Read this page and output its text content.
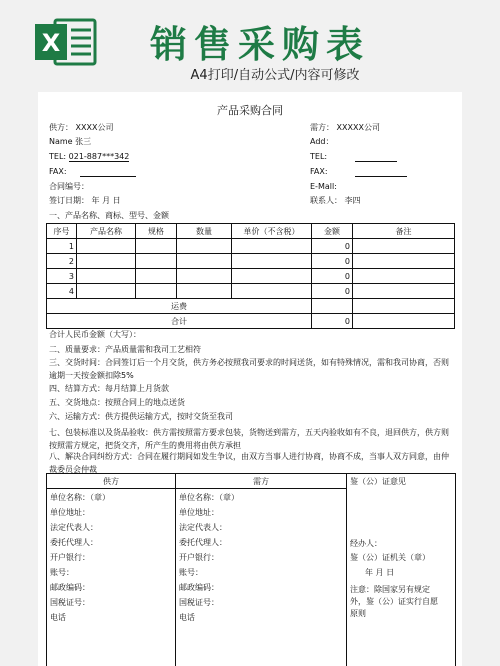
X 销售采购表
A4打印/自动公式/内容可修改
产品采购合同
供方： XXXX公司
Name 张三
TEL: 021-887***342
FAX:
合同编号：
签订日期： 年 月 日
需方： XXXXX公司
Add：
TEL:
FAX:
E-Mall:
联系人： 李四
一、产品名称、商标、型号、金额
序号	产品名称	规格	数量	单价（不含税）	金额	备注
1					0	
2					0	
3					0	
4					0	
运费						
合计					0	
合计人民币金额（大写）：
二、质量要求：产品质量需和我司工艺相符
三、交货时间：合同签订后一个月交货，供方务必按照我司要求的时间送货，如有特殊情况，需和我司协商，否则逾期一天按金额扣除5%
四、结算方式：每月结算上月货款
五、交货地点：按照合同上的地点送货
六、运输方式：供方提供运输方式，按时交货至我司
七、包装标准以及货品验收：供方需按照需方要求包装，货物送到需方，五天内验收如有不良，退回供方，供方则按照需方规定，把货交齐，所产生的费用将由供方承担
八、解决合同纠纷方式：合同在履行期间如发生争议，由双方当事人进行协商，协商不成，当事人双方同意，由仲裁委员会仲裁
供方
单位名称：（章）
单位地址：
法定代表人：
委托代理人：
开户银行：
账号：
邮政编码：
国税证号：
电话
需方
单位名称：（章）
单位地址：
法定代表人：
委托代理人：
开户银行：
账号：
邮政编码：
国税证号：
电话
鉴（公）证意见
经办人：
鉴（公）证机关（章）
年 月 日
注意：除国家另有规定
外，鉴（公）证实行自愿
原则
